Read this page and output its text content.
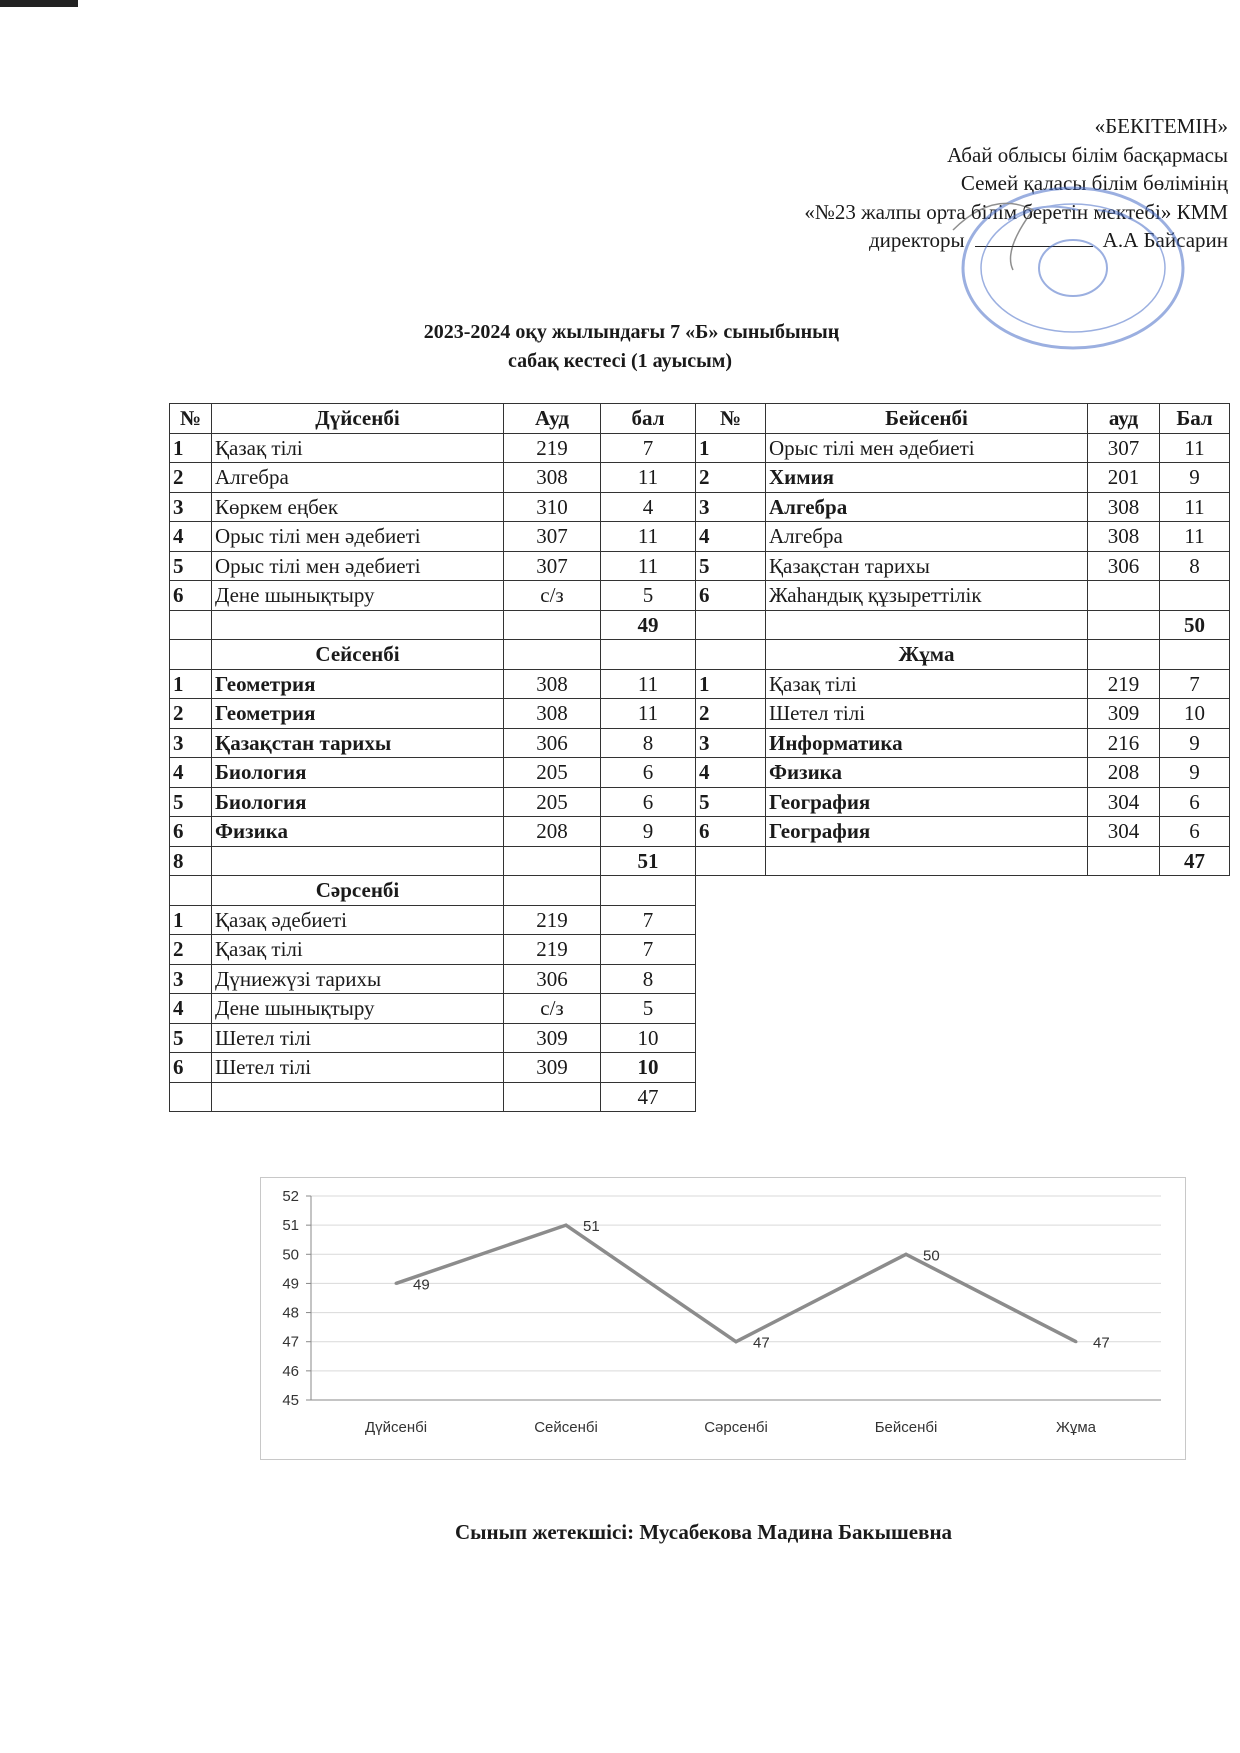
«БЕКІТЕМІН»
Абай облысы білім басқармасы
Семей қаласы білім бөлімінің
«№23 жалпы орта білім беретін мектебі» КММ
директоры	А.А Байсарин
2023-2024 оқу жылындағы 7 «Б» сыныбының
сабақ кестесі (1 ауысым)
№	Дүйсенбі	Ауд	бал	№	Бейсенбі	ауд	Бал
1	Қазақ тілі	219	7	1	Орыс тілі мен әдебиеті	307	11
2	Алгебра	308	11	2	Химия	201	9
3	Көркем еңбек	310	4	3	Алгебра	308	11
4	Орыс тілі мен әдебиеті	307	11	4	Алгебра	308	11
5	Орыс тілі мен әдебиеті	307	11	5	Қазақстан тарихы	306	8
6	Дене шынықтыру	с/з	5	6	Жаһандық құзыреттілік		
			49				50
	Сейсенбі				Жұма		
1	Геометрия	308	11	1	Қазақ тілі	219	7
2	Геометрия	308	11	2	Шетел тілі	309	10
3	Қазақстан тарихы	306	8	3	Информатика	216	9
4	Биология	205	6	4	Физика	208	9
5	Биология	205	6	5	География	304	6
6	Физика	208	9	6	География	304	6
8			51				47
	Сәрсенбі						
1	Қазақ әдебиеті	219	7				
2	Қазақ тілі	219	7				
3	Дүниежүзі тарихы	306	8				
4	Дене шынықтыру	с/з	5				
5	Шетел тілі	309	10				
6	Шетел тілі	309	10				
			47				
45
46
47
48
49
50
51
52
Дүйсенбі	Сейсенбі	Сәрсенбі	Бейсенбі	Жұма
49
51
47
50
47
Сынып жетекшісі: Мусабекова Мадина Бакышевна
